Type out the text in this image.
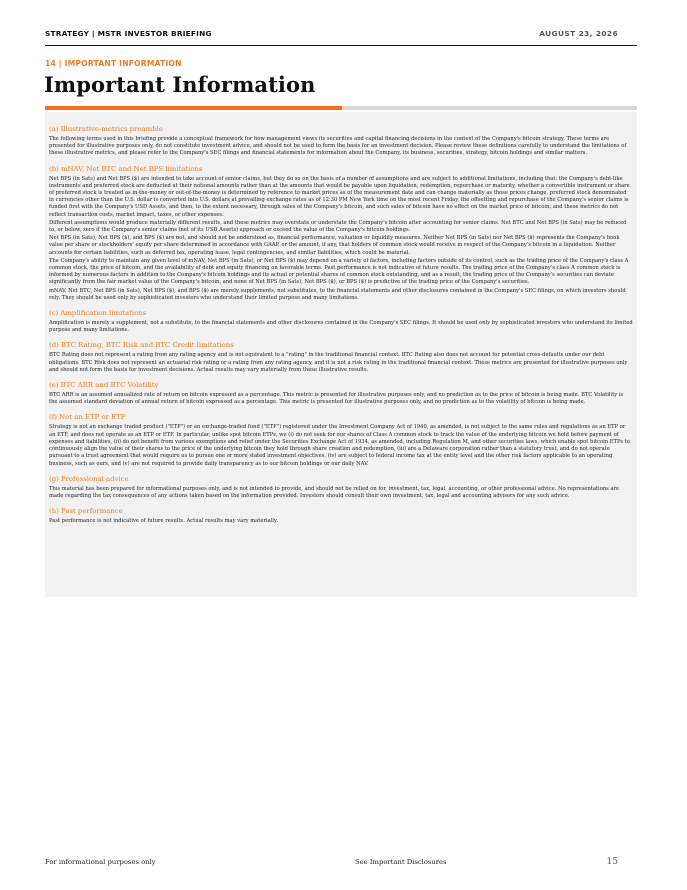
STRATEGY | MSTR INVESTOR BRIEFING	AUGUST 23, 2026
14 | IMPORTANT INFORMATION
Important Information
(a) Illustrative-metrics preamble

The following terms used in this briefing provide a conceptual framework for how management views its securities and capital financing decisions in the context of the Company's bitcoin strategy. These terms are presented for illustrative purposes only, do not constitute investment advice, and should not be used to form the basis for an investment decision. Please review these definitions carefully to understand the limitations of these illustrative metrics, and please refer to the Company's SEC filings and financial statements for information about the Company, its business, securities, strategy, bitcoin holdings and similar matters.

(b) mNAV, Net BTC and Net BPS limitations

Net BPS (in Sats) and Net BPS ($) are intended to take account of senior claims, but they do so on the basis of a number of assumptions and are subject to additional limitations, including that: the Company's debt-like instruments and preferred stock are deducted at their notional amounts rather than at the amounts that would be payable upon liquidation, redemption, repurchase or maturity, whether a convertible instrument or share of preferred stock is treated as in-the-money or out-of-the-money is determined by reference to market prices as of the measurement date and can change materially as those prices change, preferred stock denominated in currencies other than the U.S. dollar is converted into U.S. dollars at prevailing exchange rates as of 12:30 PM New York time on the most recent Friday, the offsetting and repurchase of the Company's senior claims is funded first with the Company's USD Assets, and then, to the extent necessary, through sales of the Company's bitcoin, and such sales of bitcoin have no effect on the market price of bitcoin; and these metrics do not reflect transaction costs, market impact, taxes, or other expenses.

Different assumptions would produce materially different results, and these metrics may overstate or understate the Company's bitcoin after accounting for senior claims. Net BTC and Net BPS (in Sats) may be reduced to, or below, zero if the Company's senior claims (net of its USD Assets) approach or exceed the value of the Company's bitcoin holdings.

Net BPS (in Sats), Net BPS ($), and BPS ($) are not, and should not be understood as, financial performance, valuation or liquidity measures. Neither Net BPS (in Sats) nor Net BPS ($) represents the Company's book value per share or stockholders' equity per share determined in accordance with GAAP, or the amount, if any, that holders of common stock would receive in respect of the Company's bitcoin in a liquidation. Neither accounts for certain liabilities, such as deferred tax, operating lease, legal contingencies, and similar liabilities, which could be material.

The Company's ability to maintain any given level of mNAV, Net BPS (in Sats), or Net BPS ($) may depend on a variety of factors, including factors outside of its control, such as the trading price of the Company's class A common stock, the price of bitcoin, and the availability of debt and equity financing on favorable terms. Past performance is not indicative of future results. The trading price of the Company's class A common stock is informed by numerous factors in addition to the Company's bitcoin holdings and its actual or potential shares of common stock outstanding, and as a result, the trading price of the Company's securities can deviate significantly from the fair market value of the Company's bitcoin, and none of Net BPS (in Sats), Net BPS ($), or BPS ($) is predictive of the trading price of the Company's securities.

mNAV, Net BTC, Net BPS (in Sats), Net BPS ($), and BPS ($) are merely supplements, not substitutes, to the financial statements and other disclosures contained in the Company's SEC filings, on which investors should rely. They should be used only by sophisticated investors who understand their limited purpose and many limitations.

(c) Amplification limitations

Amplification is merely a supplement, not a substitute, to the financial statements and other disclosures contained in the Company's SEC filings. It should be used only by sophisticated investors who understand its limited purpose and many limitations.

(d) BTC Rating, BTC Risk and BTC Credit limitations

BTC Rating does not represent a rating from any rating agency and is not equivalent to a "rating" in the traditional financial context. BTC Rating also does not account for potential cross-defaults under our debt obligations. BTC Risk does not represent an actuarial risk rating or a rating from any rating agency, and it is not a risk rating in the traditional financial context. These metrics are presented for illustrative purposes only and should not form the basis for investment decisions. Actual results may vary materially from these illustrative results.

(e) BTC ARR and BTC Volatility

BTC ARR is an assumed annualized rate of return on bitcoin expressed as a percentage. This metric is presented for illustrative purposes only, and no prediction as to the price of bitcoin is being made. BTC Volatility is the assumed standard deviation of annual return of bitcoin expressed as a percentage. This metric is presented for illustrative purposes only, and no prediction as to the volatility of bitcoin is being made.

(f) Not an ETP or ETF

Strategy is not an exchange traded product ("ETP") or an exchange-traded fund ("ETF") registered under the Investment Company Act of 1940, as amended, is not subject to the same rules and regulations as an ETP or an ETF, and does not operate as an ETP or ETF. In particular, unlike spot bitcoin ETPs, we (i) do not seek for our shares of Class A common stock to track the value of the underlying bitcoin we hold before payment of expenses and liabilities, (ii) do not benefit from various exemptions and relief under the Securities Exchange Act of 1934, as amended, including Regulation M, and other securities laws, which enable spot bitcoin ETPs to continuously align the value of their shares to the price of the underlying bitcoin they hold through share creation and redemption, (iii) are a Delaware corporation rather than a statutory trust, and do not operate pursuant to a trust agreement that would require us to pursue one or more stated investment objectives, (iv) are subject to federal income tax at the entity level and the other risk factors applicable to an operating business, such as ours, and (v) are not required to provide daily transparency as to our bitcoin holdings or our daily NAV.

(g) Professional advice

This material has been prepared for informational purposes only, and is not intended to provide, and should not be relied on for, investment, tax, legal, accounting, or other professional advice. No representations are made regarding the tax consequences of any actions taken based on the information provided. Investors should consult their own investment, tax, legal and accounting advisors for any such advice.

(h) Past performance

Past performance is not indicative of future results. Actual results may vary materially.

For informational purposes only	See Important Disclosures	15
